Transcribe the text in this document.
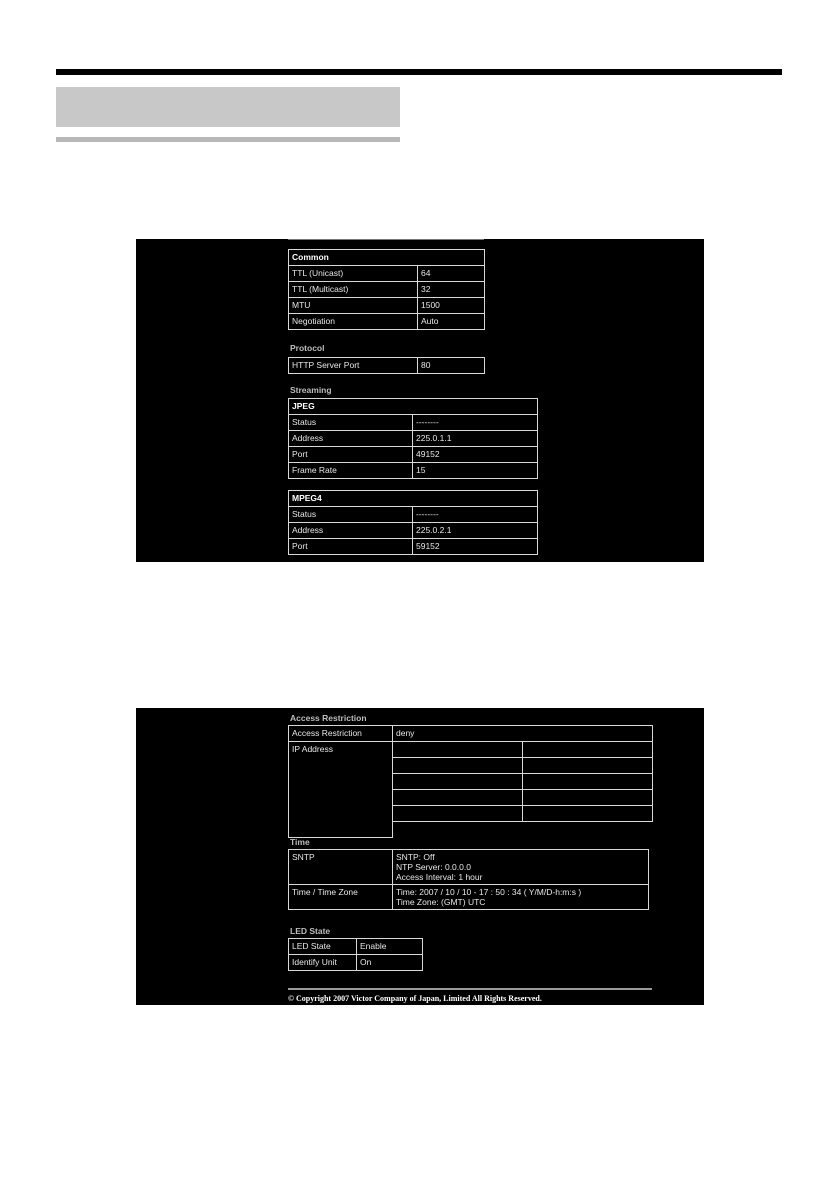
Common	
TTL (Unicast)	64
TTL (Multicast)	32
MTU	1500
Negotiation	Auto
Protocol
HTTP Server Port	80
Streaming
JPEG	
Status	--------
Address	225.0.1.1
Port	49152
Frame Rate	15
MPEG4	
Status	--------
Address	225.0.2.1
Port	59152
Access Restriction
Access Restriction	deny	
IP Address		

Time
SNTP	SNTP: Off
NTP Server: 0.0.0.0
Access Interval: 1 hour

Time / Time Zone	Time: 2007 / 10 / 10 - 17 : 50 : 34 ( Y/M/D-h:m:s )
Time Zone: (GMT) UTC
LED State
LED State	Enable
Identify Unit	On
© Copyright 2007 Victor Company of Japan, Limited All Rights Reserved.
